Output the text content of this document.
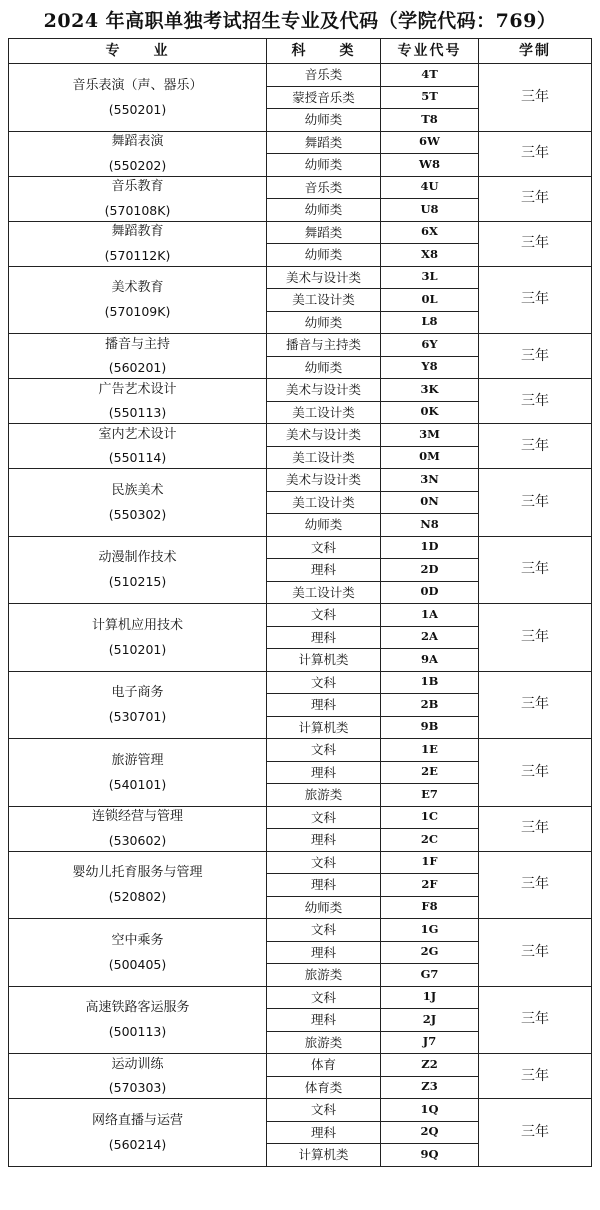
2024 年高职单独考试招生专业及代码（学院代码：769）
专　　业	科　　类	专业代号	学制

音乐表演（声、器乐）
(550201)	音乐类	4T	三年
	蒙授音乐类	5T	
	幼师类	T8	

舞蹈表演
(550202)	舞蹈类	6W	三年
	幼师类	W8	

音乐教育
(570108K)	音乐类	4U	三年
	幼师类	U8	

舞蹈教育
(570112K)	舞蹈类	6X	三年
	幼师类	X8	

美术教育
(570109K)	美术与设计类	3L	三年
	美工设计类	0L	
	幼师类	L8	

播音与主持
(560201)	播音与主持类	6Y	三年
	幼师类	Y8	

广告艺术设计
(550113)	美术与设计类	3K	三年
	美工设计类	0K	

室内艺术设计
(550114)	美术与设计类	3M	三年
	美工设计类	0M	

民族美术
(550302)	美术与设计类	3N	三年
	美工设计类	0N	
	幼师类	N8	

动漫制作技术
(510215)	文科	1D	三年
	理科	2D	
	美工设计类	0D	

计算机应用技术
(510201)	文科	1A	三年
	理科	2A	
	计算机类	9A	

电子商务
(530701)	文科	1B	三年
	理科	2B	
	计算机类	9B	

旅游管理
(540101)	文科	1E	三年
	理科	2E	
	旅游类	E7	

连锁经营与管理
(530602)	文科	1C	三年
	理科	2C	

婴幼儿托育服务与管理
(520802)	文科	1F	三年
	理科	2F	
	幼师类	F8	

空中乘务
(500405)	文科	1G	三年
	理科	2G	
	旅游类	G7	

高速铁路客运服务
(500113)	文科	1J	三年
	理科	2J	
	旅游类	J7	

运动训练
(570303)	体育	Z2	三年
	体育类	Z3	

网络直播与运营
(560214)	文科	1Q	三年
	理科	2Q	
	计算机类	9Q	
